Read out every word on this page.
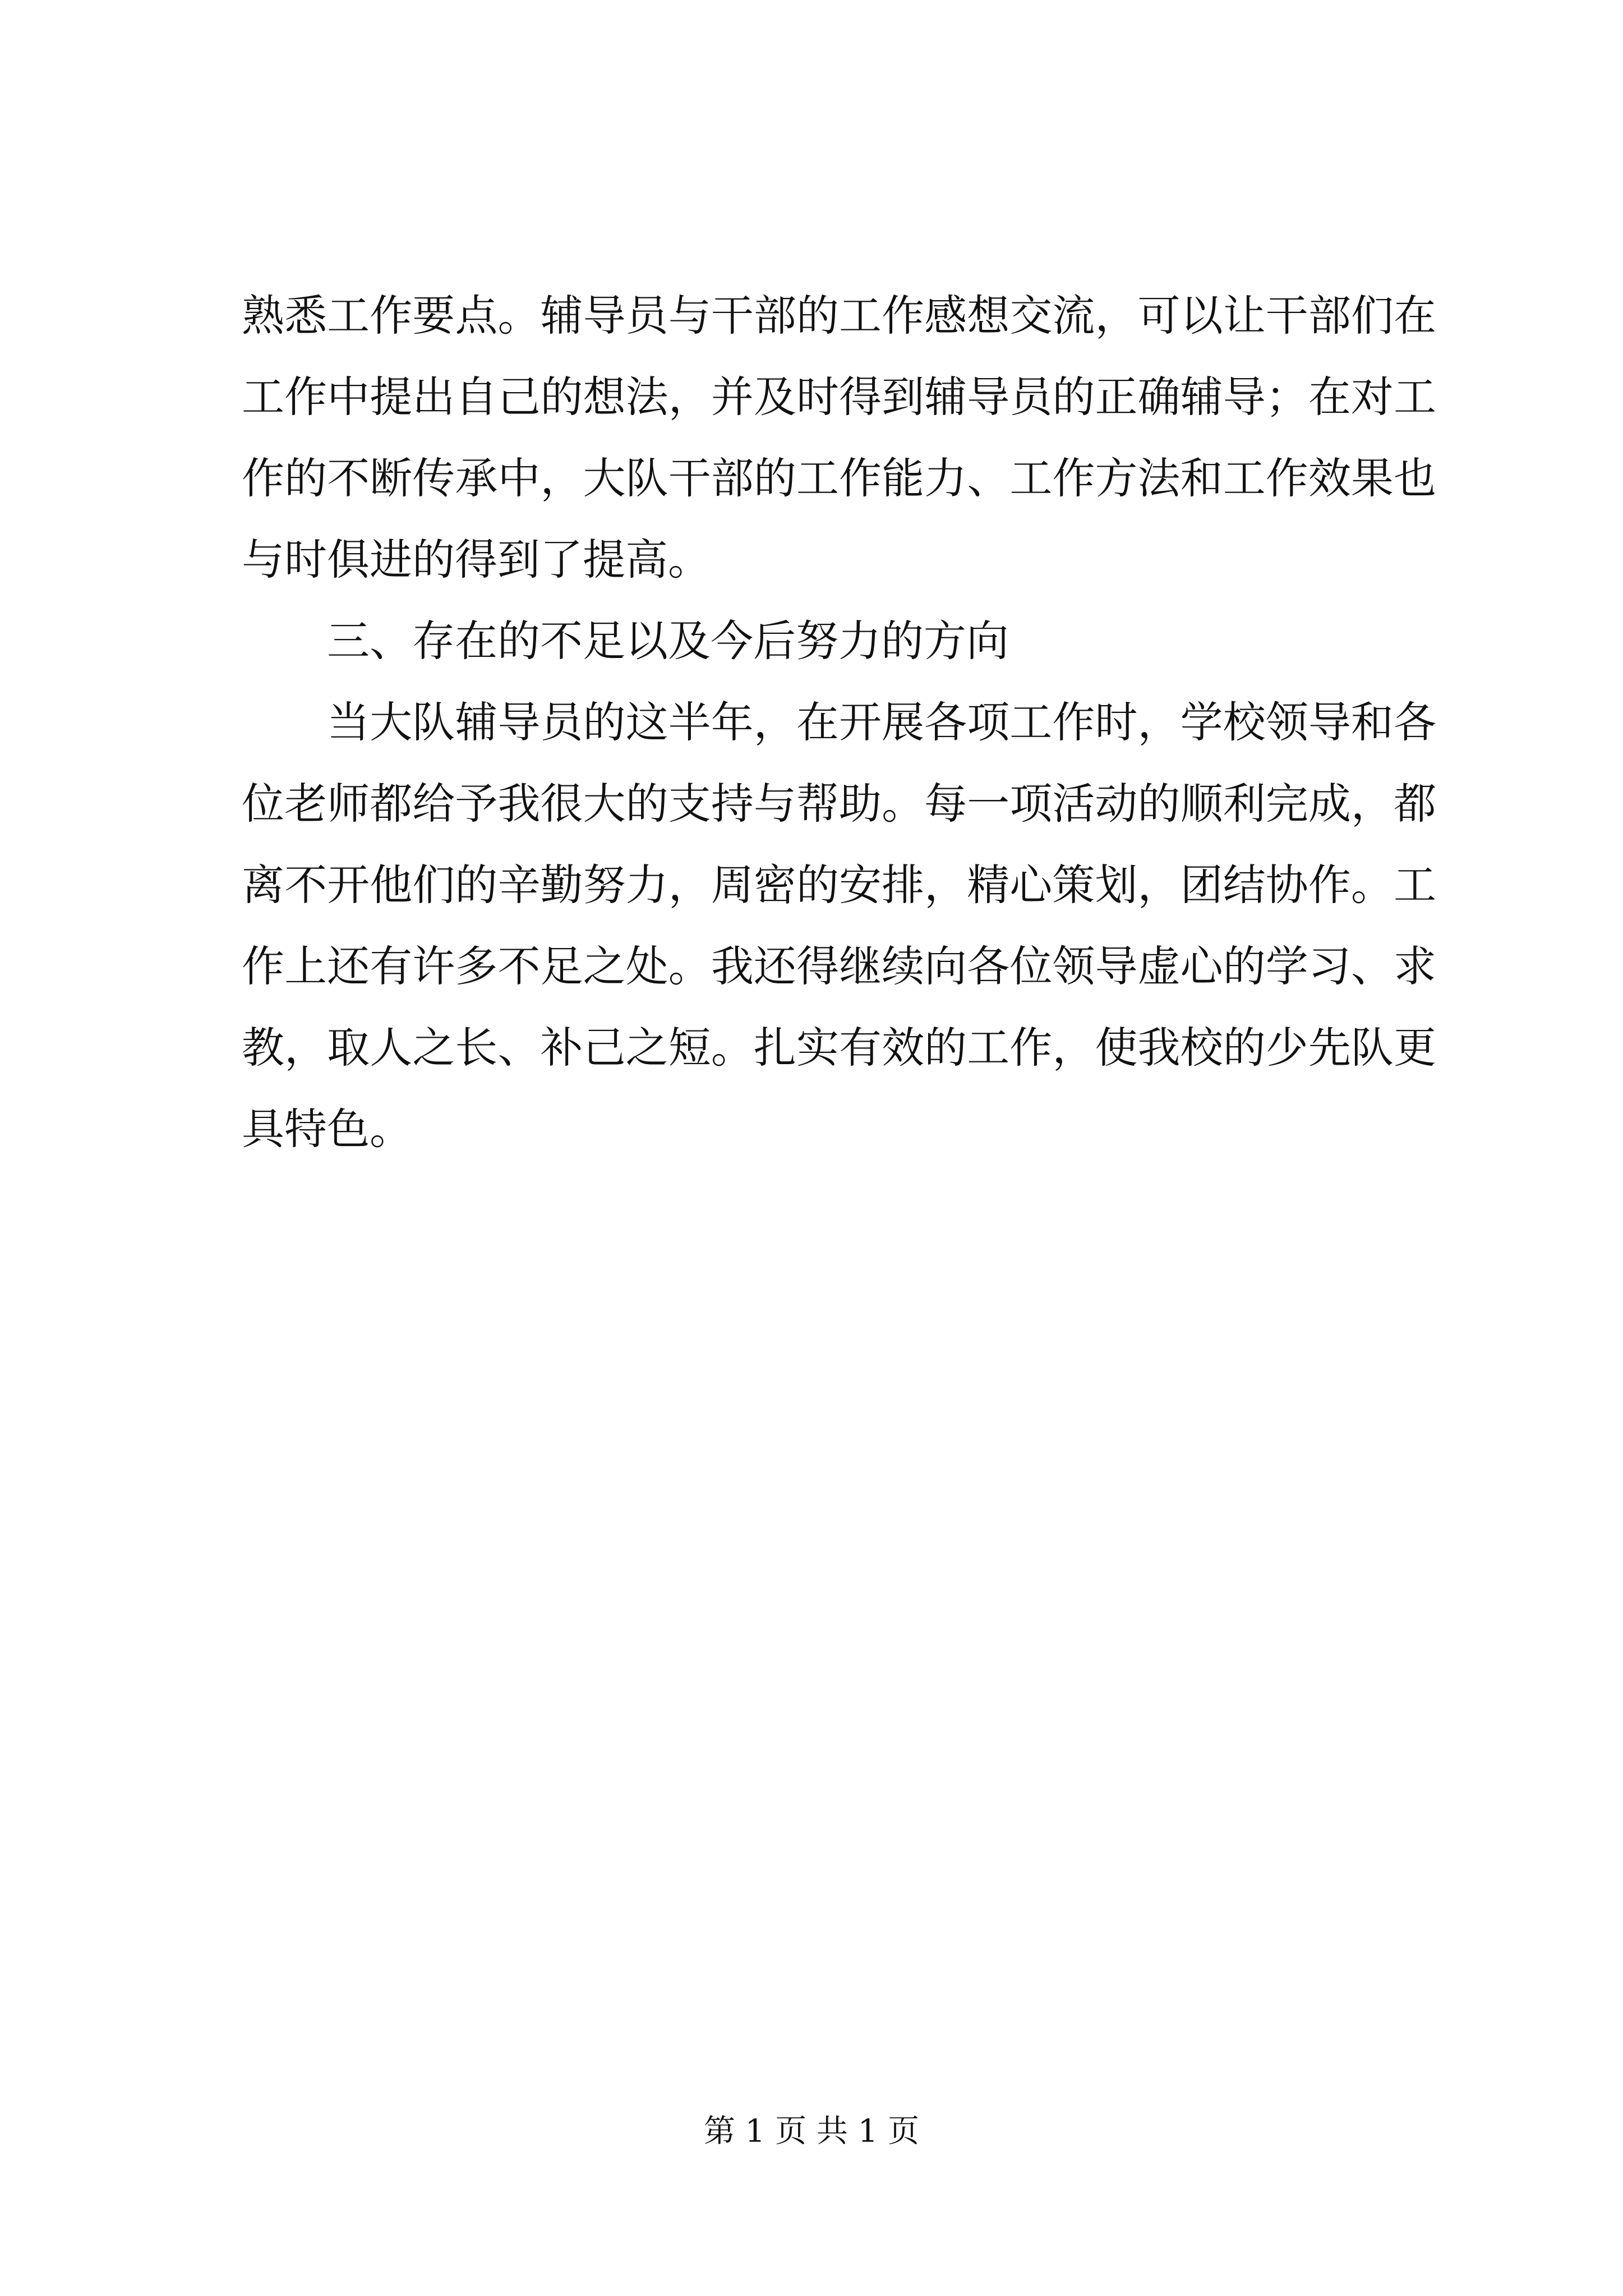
熟悉工作要点。辅导员与干部的工作感想交流，可以让干部们在
工作中提出自己的想法，并及时得到辅导员的正确辅导；在对工
作的不断传承中，大队干部的工作能力、工作方法和工作效果也
与时俱进的得到了提高。
三、存在的不足以及今后努力的方向
当大队辅导员的这半年，在开展各项工作时，学校领导和各
位老师都给予我很大的支持与帮助。每一项活动的顺利完成，都
离不开他们的辛勤努力，周密的安排，精心策划，团结协作。工
作上还有许多不足之处。我还得继续向各位领导虚心的学习、求
教，取人之长、补己之短。扎实有效的工作，使我校的少先队更
具特色。
第 1 页 共 1 页
